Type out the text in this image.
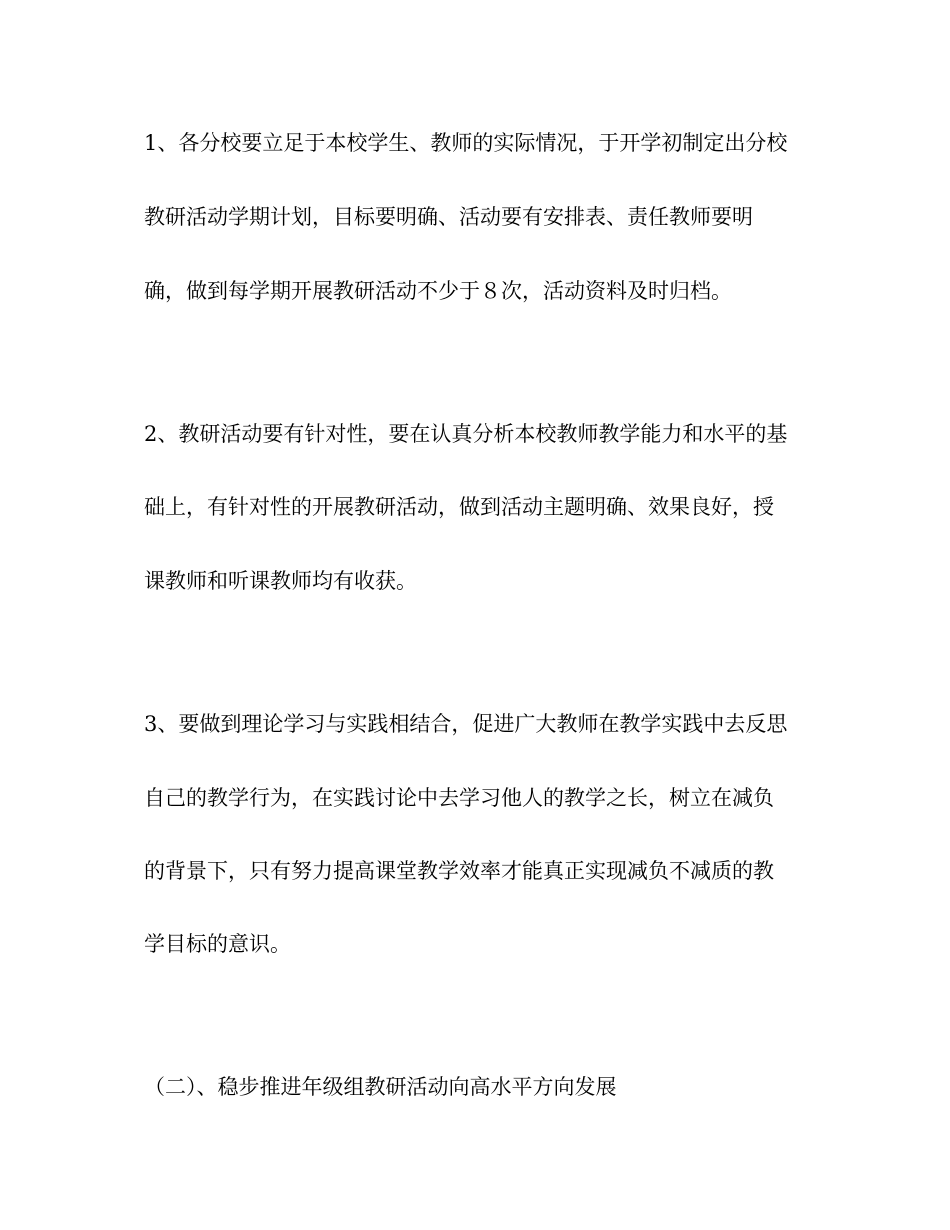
1、各分校要立足于本校学生、教师的实际情况，于开学初制定出分校
教研活动学期计划，目标要明确、活动要有安排表、责任教师要明
确，做到每学期开展教研活动不少于８次，活动资料及时归档。
2、教研活动要有针对性，要在认真分析本校教师教学能力和水平的基
础上，有针对性的开展教研活动，做到活动主题明确、效果良好，授
课教师和听课教师均有收获。
3、要做到理论学习与实践相结合，促进广大教师在教学实践中去反思
自己的教学行为，在实践讨论中去学习他人的教学之长，树立在减负
的背景下，只有努力提高课堂教学效率才能真正实现减负不减质的教
学目标的意识。
（二）、稳步推进年级组教研活动向高水平方向发展
